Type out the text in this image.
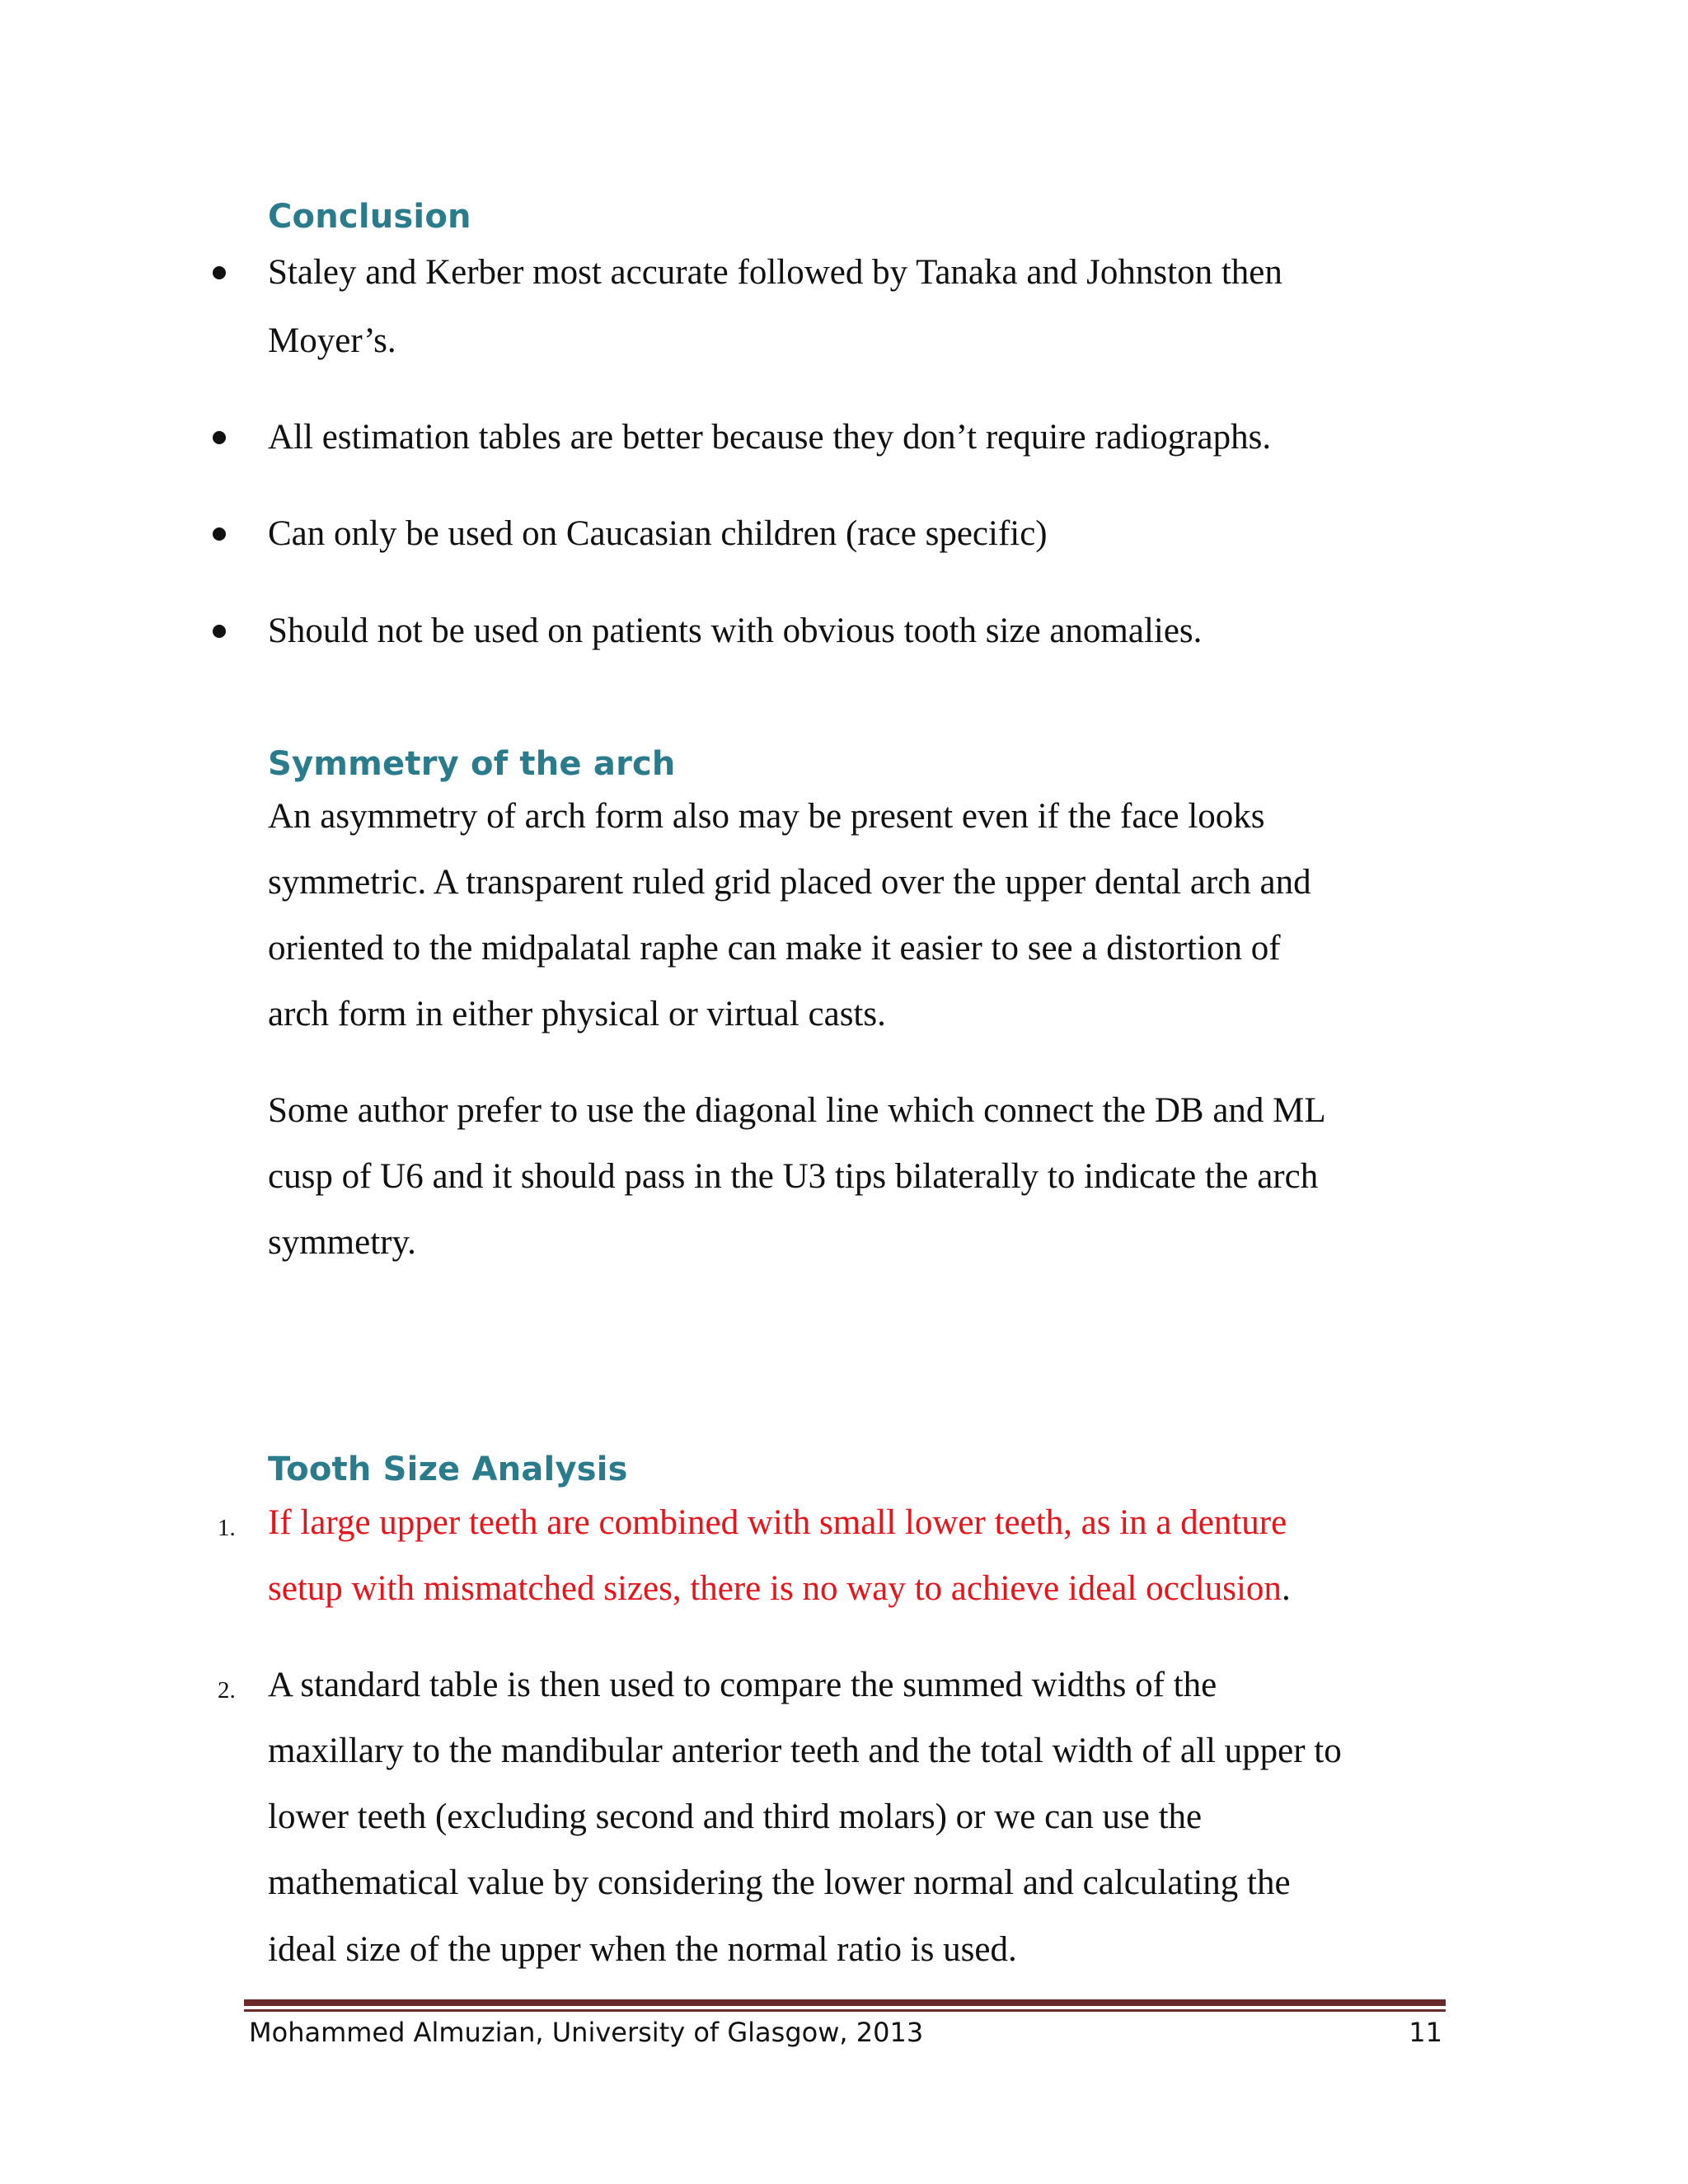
Conclusion
Staley and Kerber most accurate followed by Tanaka and Johnston then
Moyer’s.
All estimation tables are better because they don’t require radiographs.
Can only be used on Caucasian children (race specific)
Should not be used on patients with obvious tooth size anomalies.
Symmetry of the arch
An asymmetry of arch form also may be present even if the face looks
symmetric. A transparent ruled grid placed over the upper dental arch and
oriented to the midpalatal raphe can make it easier to see a distortion of
arch form in either physical or virtual casts.
Some author prefer to use the diagonal line which connect the DB and ML
cusp of U6 and it should pass in the U3 tips bilaterally to indicate the arch
symmetry.
Tooth Size Analysis
1. If large upper teeth are combined with small lower teeth, as in a denture
setup with mismatched sizes, there is no way to achieve ideal occlusion.
2. A standard table is then used to compare the summed widths of the
maxillary to the mandibular anterior teeth and the total width of all upper to
lower teeth (excluding second and third molars) or we can use the
mathematical value by considering the lower normal and calculating the
ideal size of the upper when the normal ratio is used.
Mohammed Almuzian, University of Glasgow, 2013	11
